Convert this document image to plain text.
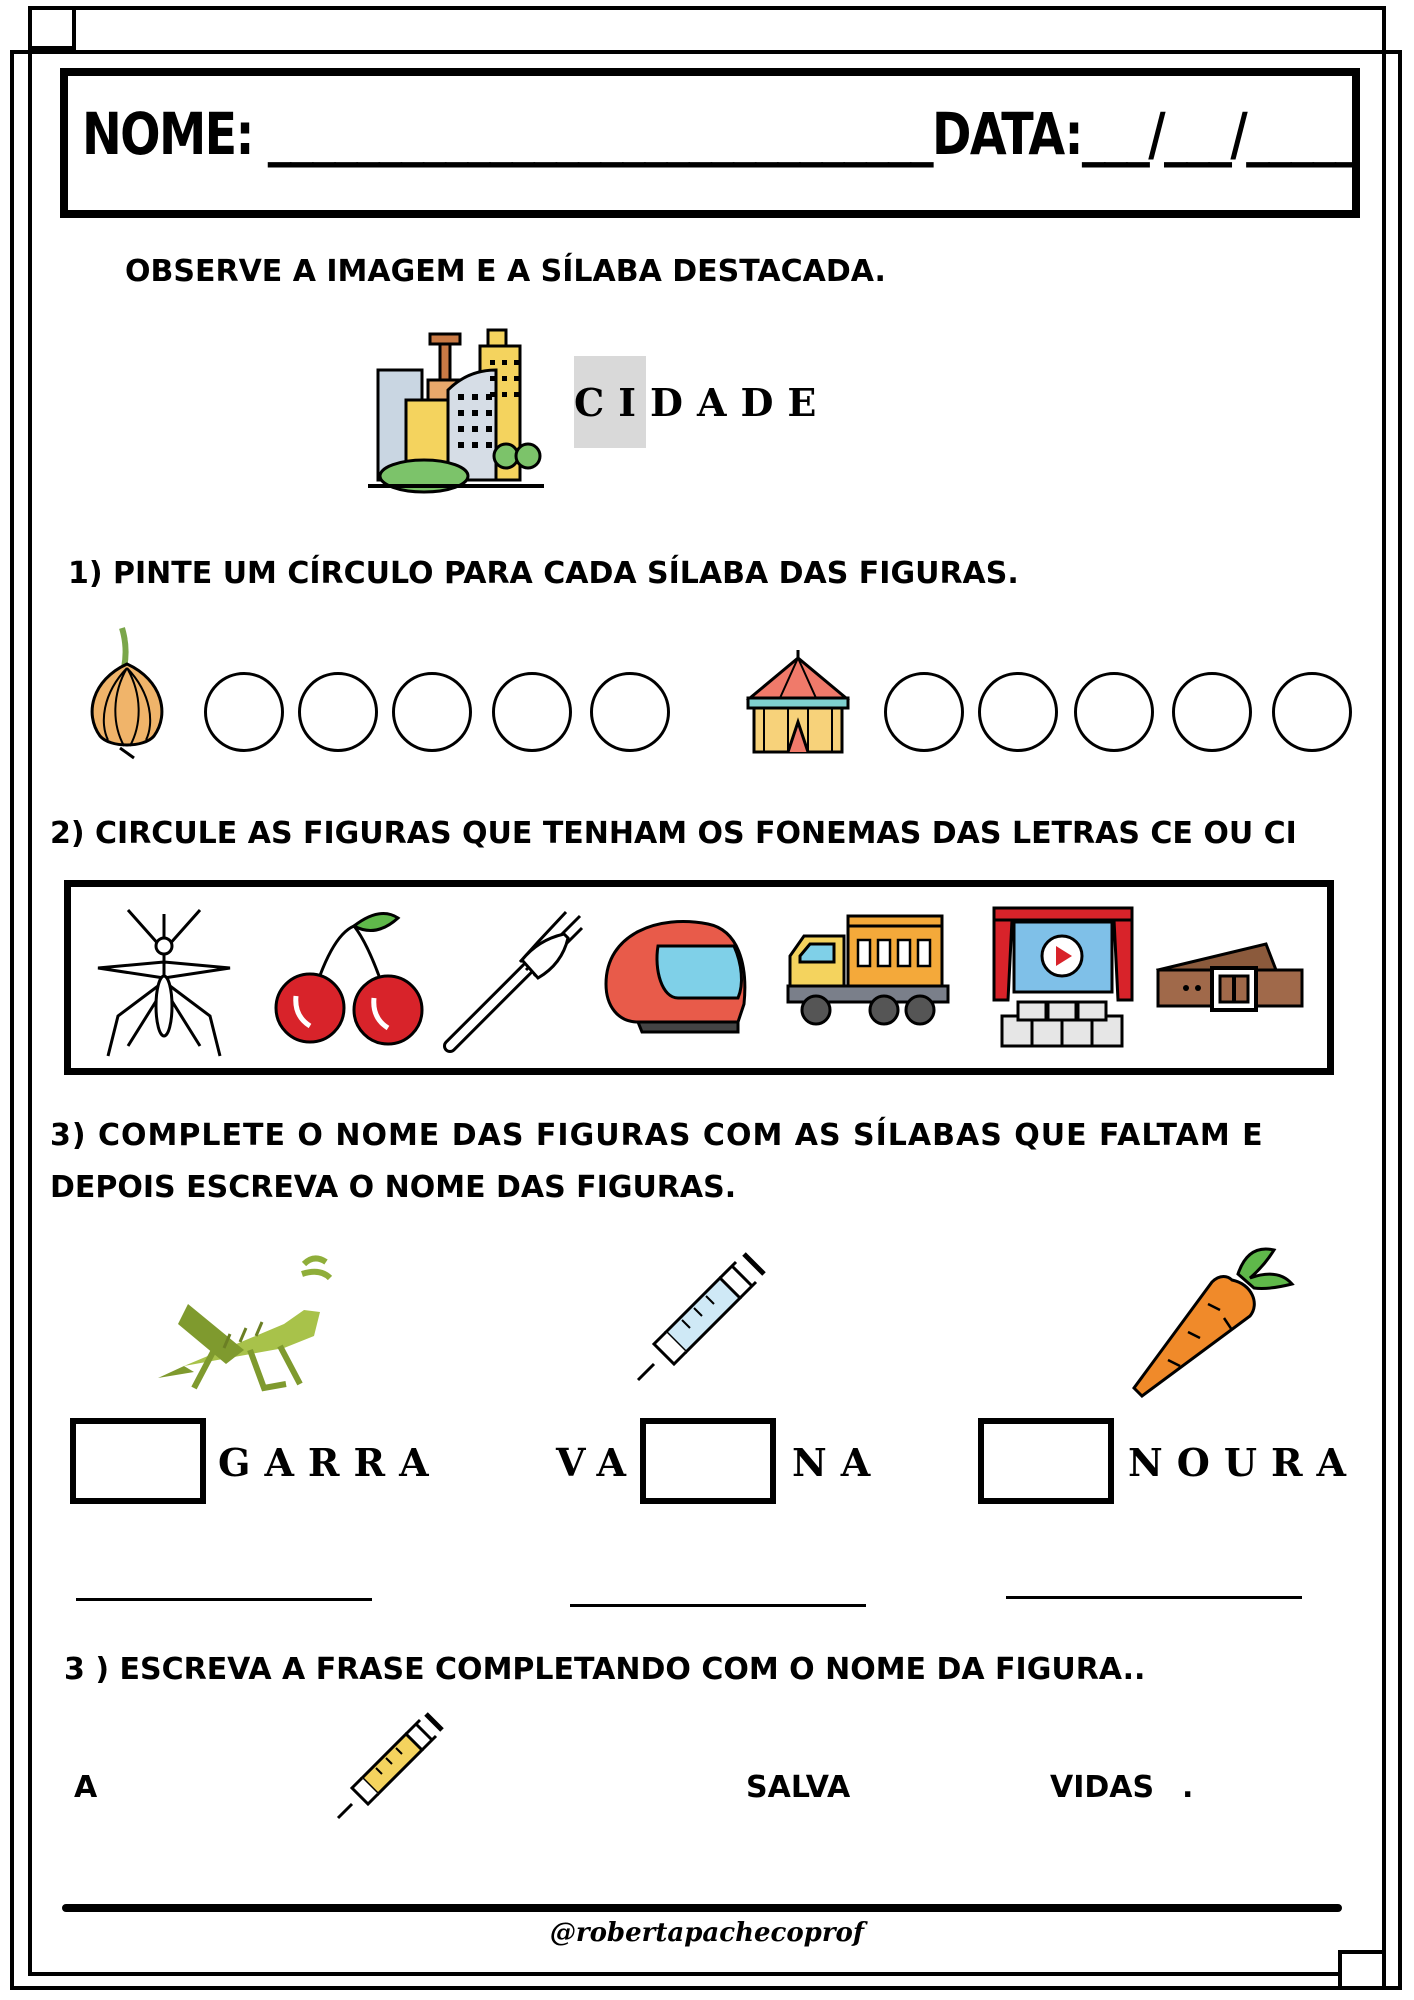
NOME: ______________________________DATA:___/___/_____
OBSERVE A IMAGEM E A SÍLABA DESTACADA.
CIDADE
1) PINTE UM CÍRCULO PARA CADA SÍLABA DAS FIGURAS.
2) CIRCULE AS FIGURAS QUE TENHAM OS FONEMAS DAS LETRAS CE OU CI
3) COMPLETE O NOME DAS FIGURAS COM AS SÍLABAS QUE FALTAM E
DEPOIS ESCREVA O NOME DAS FIGURAS.
GARRA	VA	NA	NOURA
3 ) ESCREVA A FRASE COMPLETANDO COM O NOME DA FIGURA..
A	SALVA	VIDAS .
@robertapachecoprof
